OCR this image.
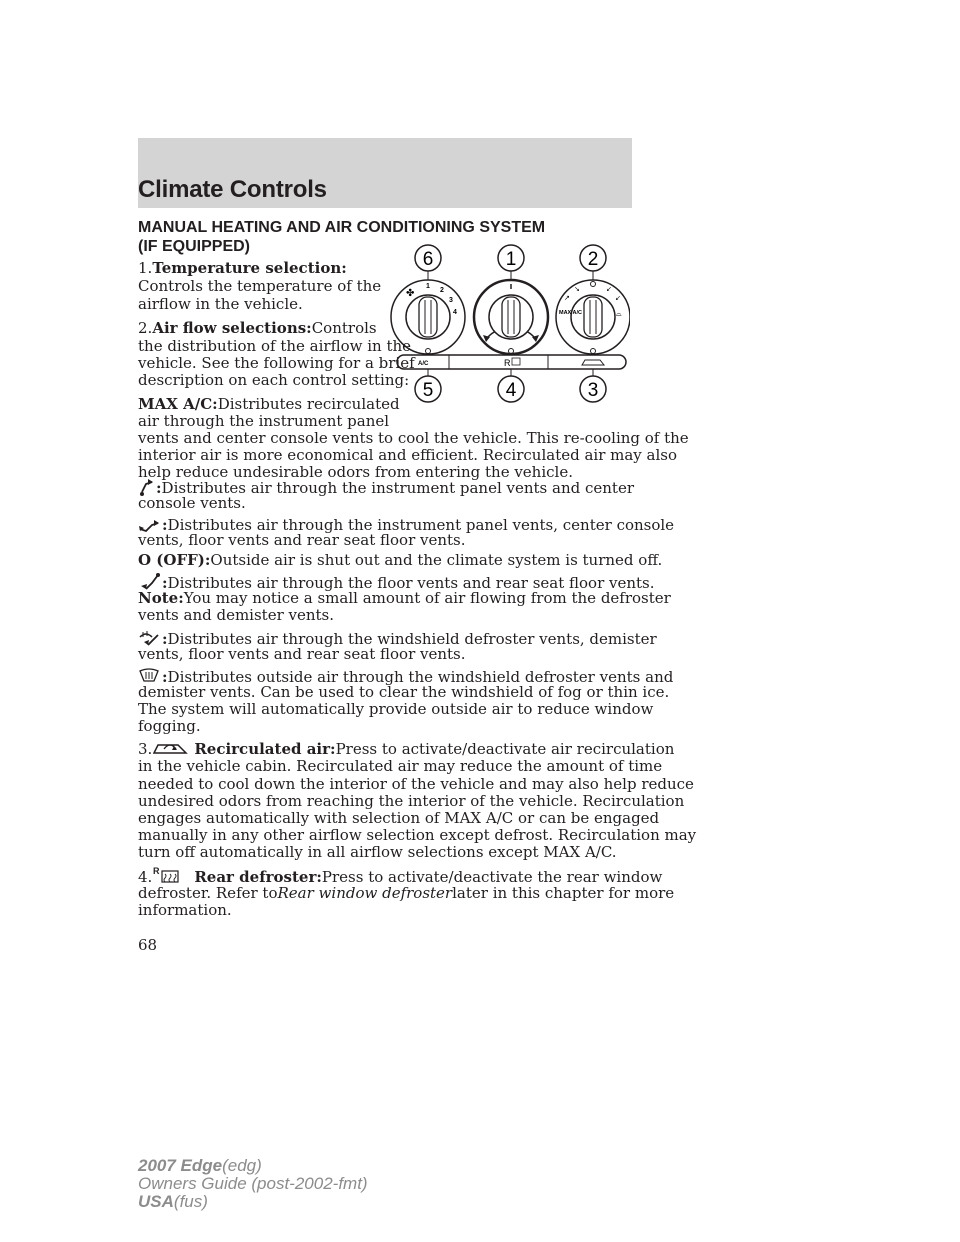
Climate Controls
MANUAL HEATING AND AIR CONDITIONING SYSTEM
(IF EQUIPPED)
6	1	2
✤
1
2
3
4
↗
↘	↙
↙
⌓
MAX A/C
A/C	R
5	4	3
1.Temperature selection:
Controls the temperature of the
airflow in the vehicle.
2.Air flow selections:Controls
the distribution of the airflow in the
vehicle. See the following for a brief
description on each control setting:
MAX A/C:Distributes recirculated
air through the instrument panel
vents and center console vents to cool the vehicle. This re-cooling of the
interior air is more economical and efficient. Recirculated air may also
help reduce undesirable odors from entering the vehicle.
:Distributes air through the instrument panel vents and center
console vents.
:Distributes air through the instrument panel vents, center console
vents, floor vents and rear seat floor vents.
O (OFF):Outside air is shut out and the climate system is turned off.
:Distributes air through the floor vents and rear seat floor vents.
Note:You may notice a small amount of air flowing from the defroster
vents and demister vents.
:Distributes air through the windshield defroster vents, demister
vents, floor vents and rear seat floor vents.
:Distributes outside air through the windshield defroster vents and
demister vents. Can be used to clear the windshield of fog or thin ice.
The system will automatically provide outside air to reduce window
fogging.
3.	Recirculated air:Press to activate/deactivate air recirculation
in the vehicle cabin. Recirculated air may reduce the amount of time
needed to cool down the interior of the vehicle and may also help reduce
undesired odors from reaching the interior of the vehicle. Recirculation
engages automatically with selection of MAX A/C or can be engaged
manually in any other airflow selection except defrost. Recirculation may
turn off automatically in all airflow selections except MAX A/C.
4. R Rear defroster:Press to activate/deactivate the rear window
defroster. Refer toRear window defrosterlater in this chapter for more
information.
68
2007 Edge(edg)
Owners Guide (post-2002-fmt)
USA(fus)
